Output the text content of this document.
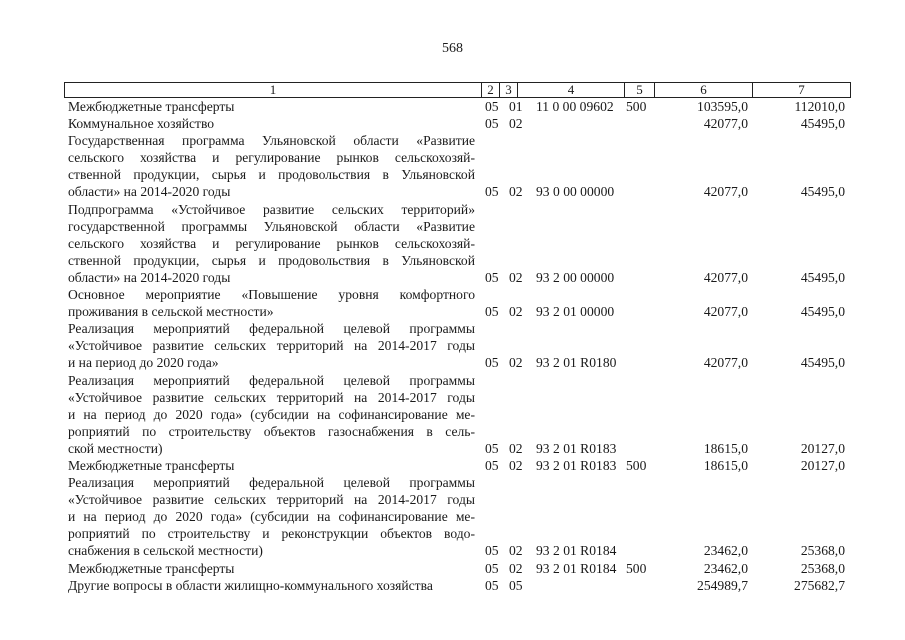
568
1	2 3	4	5	6	7
Межбюджетные трансферты	05 01 11 0 00 09602 500	103595,0	112010,0
Коммунальное хозяйство	05 02	42077,0	45495,0
Государственная программа Ульяновской области «Развитие
сельского хозяйства и регулирование рынков сельскохозяй-
ственной продукции, сырья и продовольствия в Ульяновской
области» на 2014-2020 годы	05 02 93 0 00 00000	42077,0	45495,0
Подпрограмма «Устойчивое развитие сельских территорий»
государственной программы Ульяновской области «Развитие
сельского хозяйства и регулирование рынков сельскохозяй-
ственной продукции, сырья и продовольствия в Ульяновской
области» на 2014-2020 годы	05 02 93 2 00 00000	42077,0	45495,0
Основное мероприятие «Повышение уровня комфортного
проживания в сельской местности»	05 02 93 2 01 00000	42077,0	45495,0
Реализация мероприятий федеральной целевой программы
«Устойчивое развитие сельских территорий на 2014-2017 годы
и на период до 2020 года»	05 02 93 2 01 R0180	42077,0	45495,0
Реализация мероприятий федеральной целевой программы
«Устойчивое развитие сельских территорий на 2014-2017 годы
и на период до 2020 года» (субсидии на софинансирование ме-
роприятий по строительству объектов газоснабжения в сель-
ской местности)	05 02 93 2 01 R0183	18615,0	20127,0
Межбюджетные трансферты	05 02 93 2 01 R0183 500	18615,0	20127,0
Реализация мероприятий федеральной целевой программы
«Устойчивое развитие сельских территорий на 2014-2017 годы
и на период до 2020 года» (субсидии на софинансирование ме-
роприятий по строительству и реконструкции объектов водо-
снабжения в сельской местности)	05 02 93 2 01 R0184	23462,0	25368,0
Межбюджетные трансферты	05 02 93 2 01 R0184 500	23462,0	25368,0
Другие вопросы в области жилищно-коммунального хозяйства	05 05	254989,7	275682,7
